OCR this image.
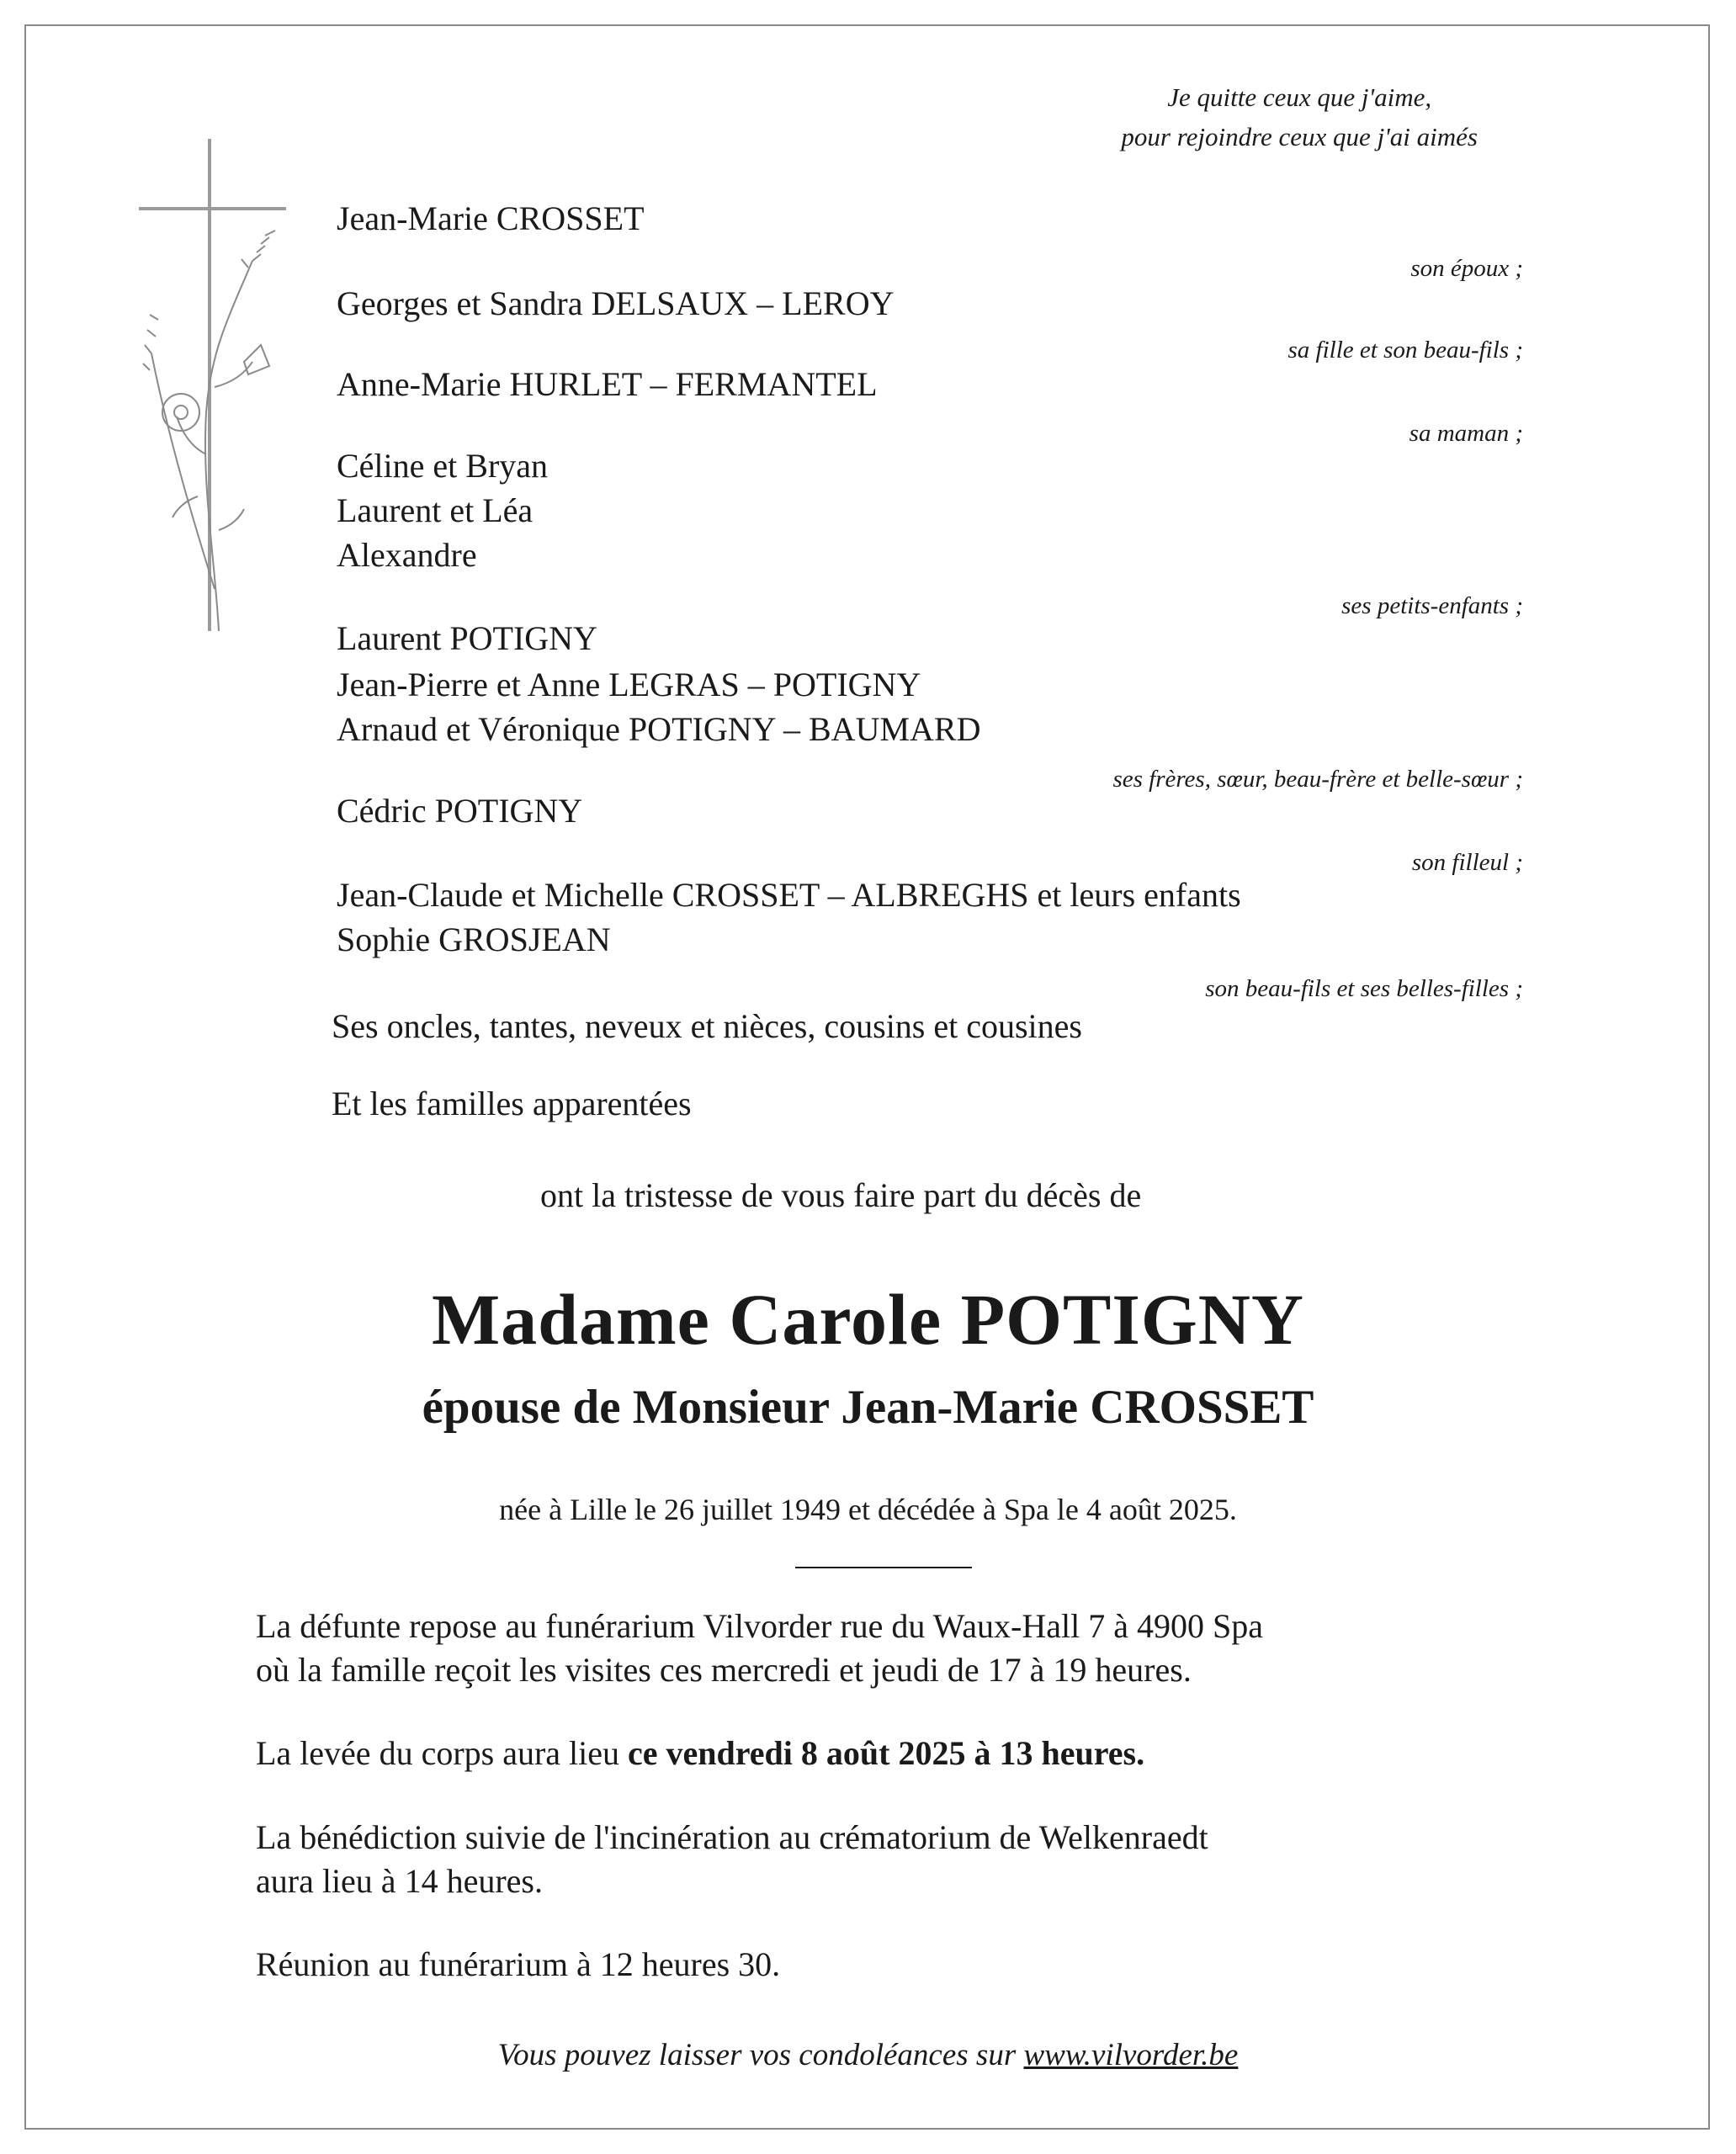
Je quitte ceux que j'aime,
pour rejoindre ceux que j'ai aimés
Jean-Marie CROSSET
son époux ;
Georges et Sandra DELSAUX – LEROY
sa fille et son beau-fils ;
Anne-Marie HURLET – FERMANTEL
sa maman ;
Céline et Bryan
Laurent et Léa
Alexandre
ses petits-enfants ;
Laurent POTIGNY
Jean-Pierre et Anne LEGRAS – POTIGNY
Arnaud et Véronique POTIGNY – BAUMARD
ses frères, sœur, beau-frère et belle-sœur ;
Cédric POTIGNY
son filleul ;
Jean-Claude et Michelle CROSSET – ALBREGHS et leurs enfants
Sophie GROSJEAN
son beau-fils et ses belles-filles ;
Ses oncles, tantes, neveux et nièces, cousins et cousines
Et les familles apparentées
ont la tristesse de vous faire part du décès de
Madame Carole POTIGNY
épouse de Monsieur Jean-Marie CROSSET
née à Lille le 26 juillet 1949 et décédée à Spa le 4 août 2025.
La défunte repose au funérarium Vilvorder rue du Waux-Hall 7 à 4900 Spa
où la famille reçoit les visites ces mercredi et jeudi de 17 à 19 heures.
La levée du corps aura lieu ce vendredi 8 août 2025 à 13 heures.
La bénédiction suivie de l'incinération au crématorium de Welkenraedt
aura lieu à 14 heures.
Réunion au funérarium à 12 heures 30.
Vous pouvez laisser vos condoléances sur www.vilvorder.be
